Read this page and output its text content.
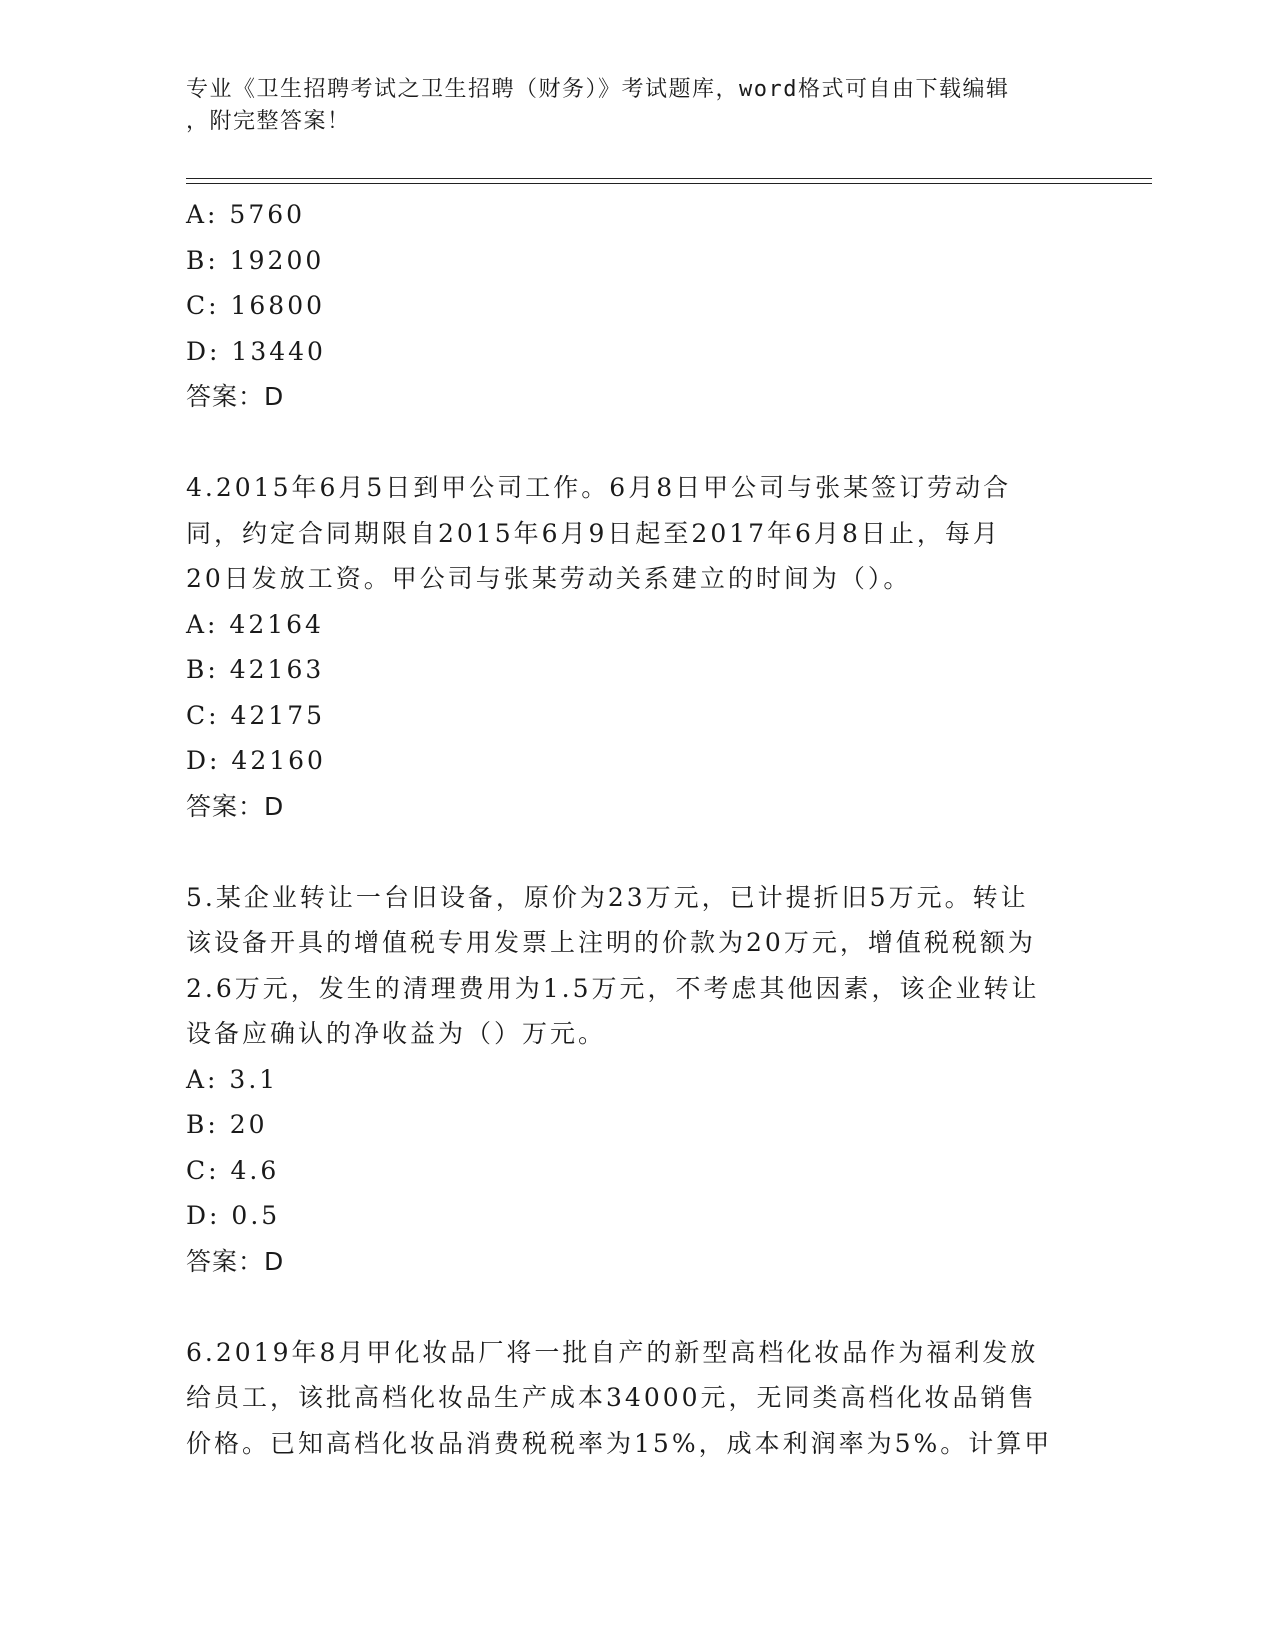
专业《卫生招聘考试之卫生招聘（财务）》考试题库，word格式可自由下载编辑
，附完整答案！
A: 5760
B: 19200
C: 16800
D: 13440
答案：D
4.2015年6月5日到甲公司工作。6月8日甲公司与张某签订劳动合
同，约定合同期限自2015年6月9日起至2017年6月8日止，每月
20日发放工资。甲公司与张某劳动关系建立的时间为（）。
A: 42164
B: 42163
C: 42175
D: 42160
答案：D
5.某企业转让一台旧设备，原价为23万元，已计提折旧5万元。转让
该设备开具的增值税专用发票上注明的价款为20万元，增值税税额为
2.6万元，发生的清理费用为1.5万元，不考虑其他因素，该企业转让
设备应确认的净收益为（）万元。
A: 3.1
B: 20
C: 4.6
D: 0.5
答案：D
6.2019年8月甲化妆品厂将一批自产的新型高档化妆品作为福利发放
给员工，该批高档化妆品生产成本34000元，无同类高档化妆品销售
价格。已知高档化妆品消费税税率为15%，成本利润率为5%。计算甲
